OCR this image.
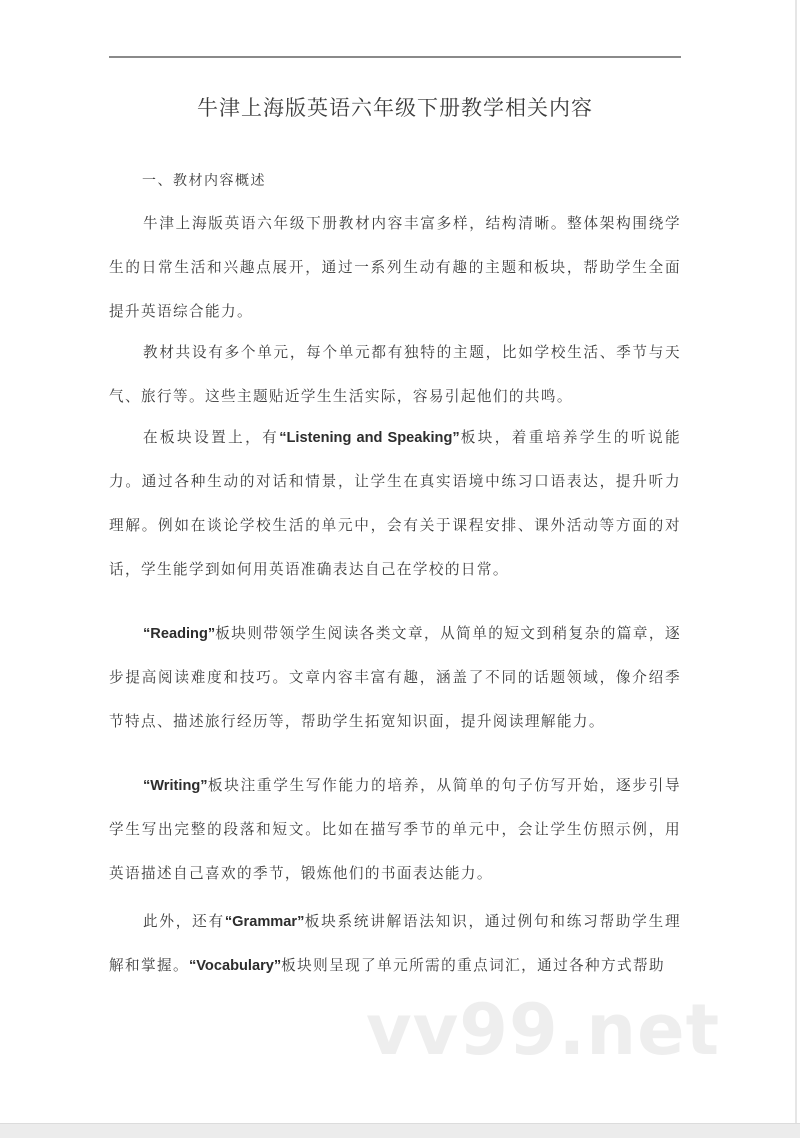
牛津上海版英语六年级下册教学相关内容
一、教材内容概述

牛津上海版英语六年级下册教材内容丰富多样，结构清晰。整体架构围绕学生的日常生活和兴趣点展开，通过一系列生动有趣的主题和板块，帮助学生全面提升英语综合能力。

教材共设有多个单元，每个单元都有独特的主题，比如学校生活、季节与天气、旅行等。这些主题贴近学生生活实际，容易引起他们的共鸣。

在板块设置上，有“Listening and Speaking”板块，着重培养学生的听说能力。通过各种生动的对话和情景，让学生在真实语境中练习口语表达，提升听力理解。例如在谈论学校生活的单元中，会有关于课程安排、课外活动等方面的对话，学生能学到如何用英语准确表达自己在学校的日常。

“Reading”板块则带领学生阅读各类文章，从简单的短文到稍复杂的篇章，逐步提高阅读难度和技巧。文章内容丰富有趣，涵盖了不同的话题领域，像介绍季节特点、描述旅行经历等，帮助学生拓宽知识面，提升阅读理解能力。

“Writing”板块注重学生写作能力的培养，从简单的句子仿写开始，逐步引导学生写出完整的段落和短文。比如在描写季节的单元中，会让学生仿照示例，用英语描述自己喜欢的季节，锻炼他们的书面表达能力。

此外，还有“Grammar”板块系统讲解语法知识，通过例句和练习帮助学生理解和掌握。“Vocabulary”板块则呈现了单元所需的重点词汇，通过各种方式帮助

vv99.net
